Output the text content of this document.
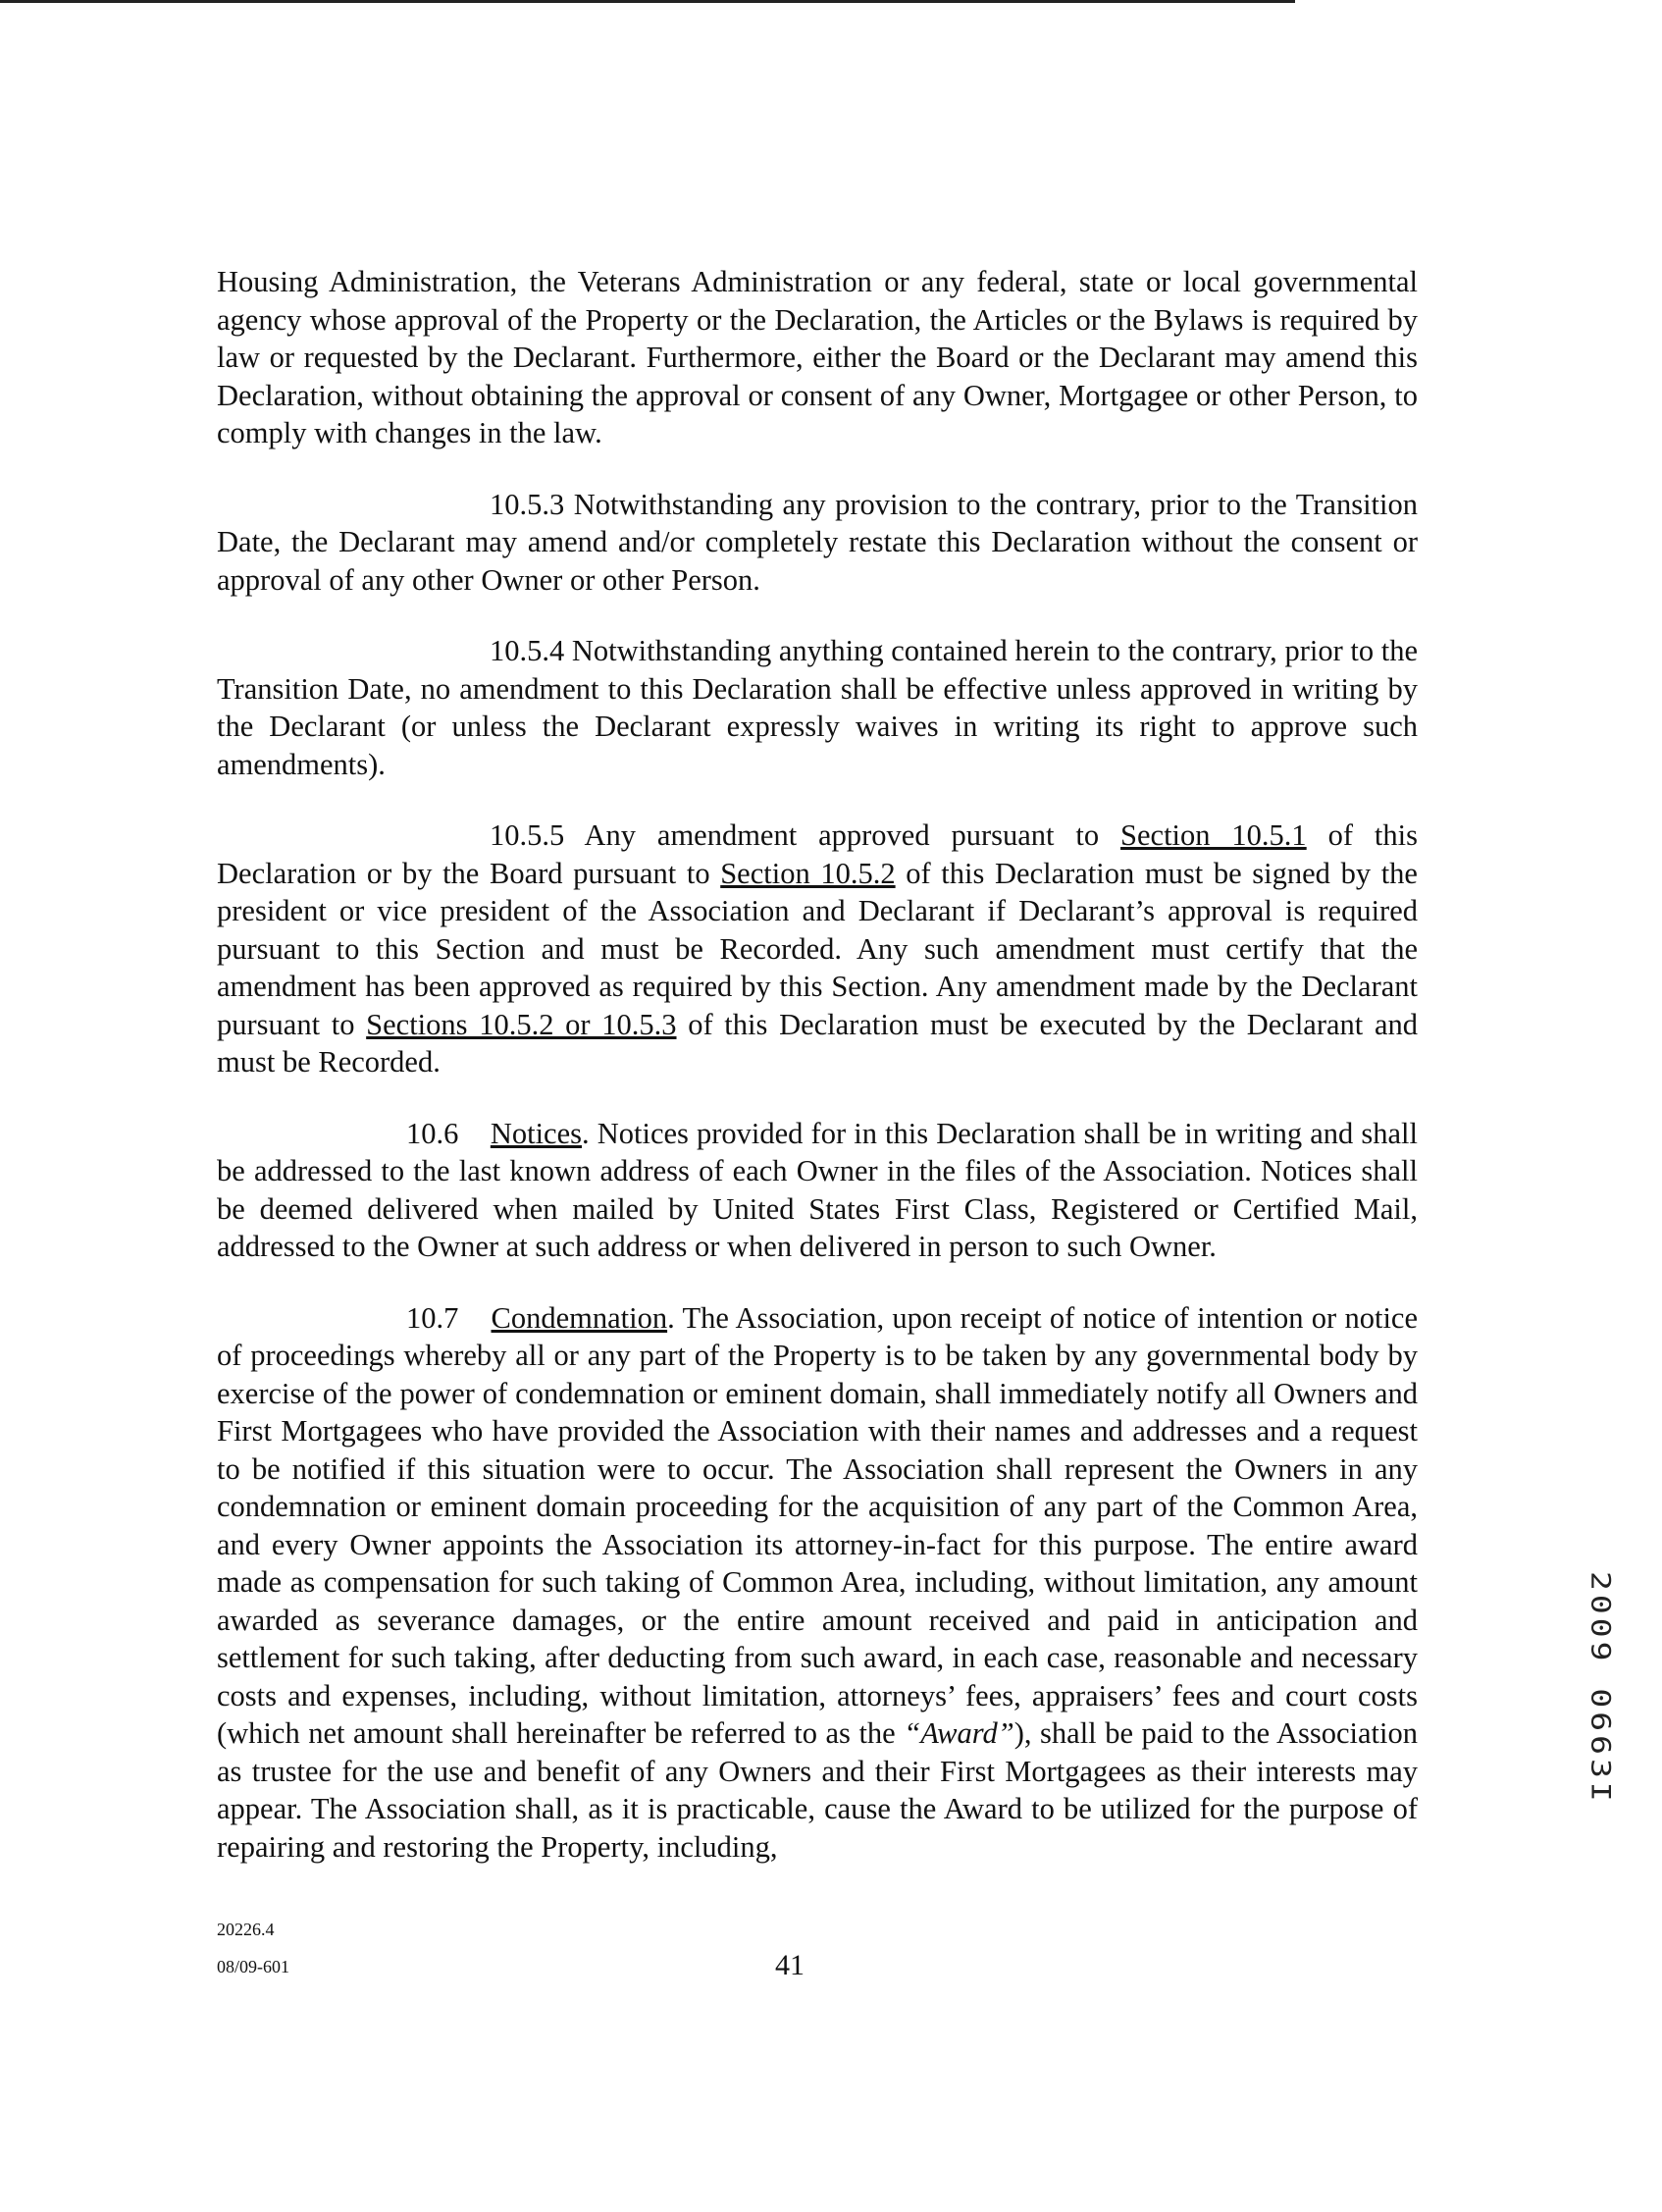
Housing Administration, the Veterans Administration or any federal, state or local governmental agency whose approval of the Property or the Declaration, the Articles or the Bylaws is required by law or requested by the Declarant. Furthermore, either the Board or the Declarant may amend this Declaration, without obtaining the approval or consent of any Owner, Mortgagee or other Person, to comply with changes in the law.

10.5.3 Notwithstanding any provision to the contrary, prior to the Transition Date, the Declarant may amend and/or completely restate this Declaration without the consent or approval of any other Owner or other Person.

10.5.4 Notwithstanding anything contained herein to the contrary, prior to the Transition Date, no amendment to this Declaration shall be effective unless approved in writing by the Declarant (or unless the Declarant expressly waives in writing its right to approve such amendments).

10.5.5 Any amendment approved pursuant to Section 10.5.1 of this Declaration or by the Board pursuant to Section 10.5.2 of this Declaration must be signed by the president or vice president of the Association and Declarant if Declarant’s approval is required pursuant to this Section and must be Recorded. Any such amendment must certify that the amendment has been approved as required by this Section. Any amendment made by the Declarant pursuant to Sections 10.5.2 or 10.5.3 of this Declaration must be executed by the Declarant and must be Recorded.

10.6 Notices. Notices provided for in this Declaration shall be in writing and shall be addressed to the last known address of each Owner in the files of the Association. Notices shall be deemed delivered when mailed by United States First Class, Registered or Certified Mail, addressed to the Owner at such address or when delivered in person to such Owner.

10.7 Condemnation. The Association, upon receipt of notice of intention or notice of proceedings whereby all or any part of the Property is to be taken by any governmental body by exercise of the power of condemnation or eminent domain, shall immediately notify all Owners and First Mortgagees who have provided the Association with their names and addresses and a request to be notified if this situation were to occur. The Association shall represent the Owners in any condemnation or eminent domain proceeding for the acquisition of any part of the Common Area, and every Owner appoints the Association its attorney-in-fact for this purpose. The entire award made as compensation for such taking of Common Area, including, without limitation, any amount awarded as severance damages, or the entire amount received and paid in anticipation and settlement for such taking, after deducting from such award, in each case, reasonable and necessary costs and expenses, including, without limitation, attorneys’ fees, appraisers’ fees and court costs (which net amount shall hereinafter be referred to as the “Award”), shall be paid to the Association as trustee for the use and benefit of any Owners and their First Mortgagees as their interests may appear. The Association shall, as it is practicable, cause the Award to be utilized for the purpose of repairing and restoring the Property, including,

20226.4
08/09-601	41
2009 0663I
